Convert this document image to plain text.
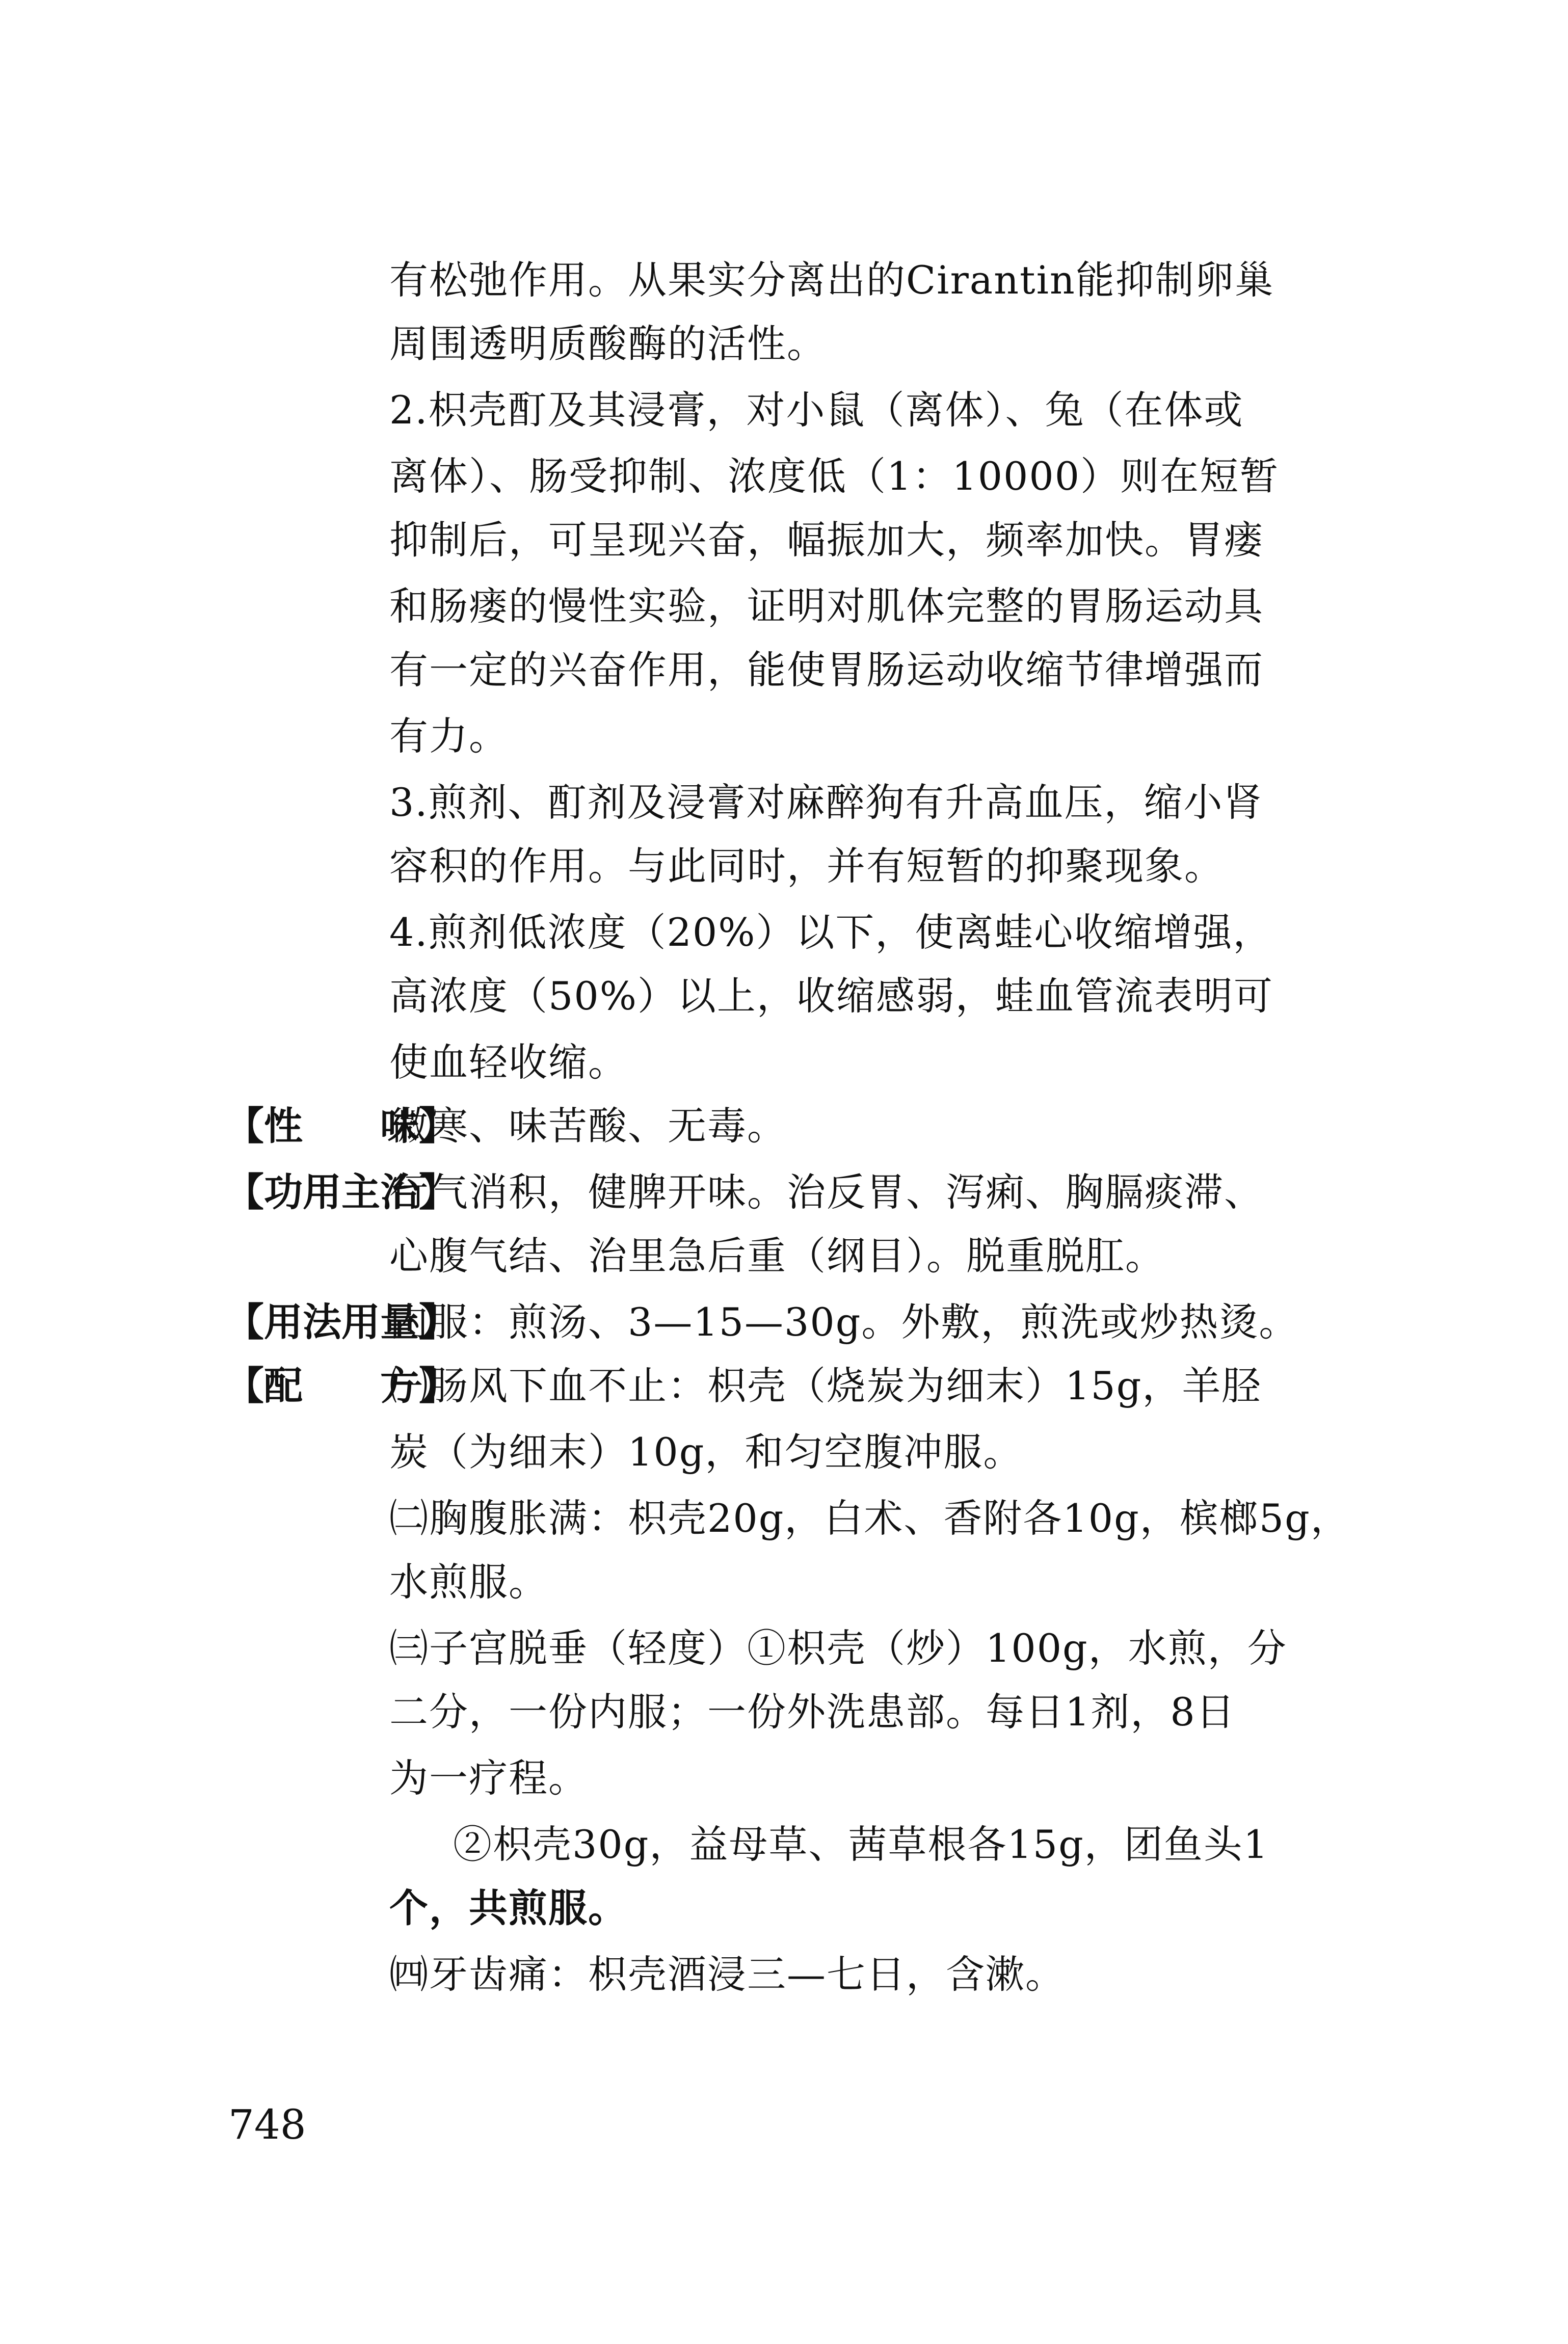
有松弛作用。从果实分离出的Cirantin能抑制卵巢
周围透明质酸酶的活性。
2.枳壳酊及其浸膏，对小鼠（离体）、兔（在体或
离体）、肠受抑制、浓度低（1：10000）则在短暂
抑制后，可呈现兴奋，幅振加大，频率加快。胃瘘
和肠瘘的慢性实验，证明对肌体完整的胃肠运动具
有一定的兴奋作用，能使胃肠运动收缩节律增强而
有力。
3.煎剂、酊剂及浸膏对麻醉狗有升高血压，缩小肾
容积的作用。与此同时，并有短暂的抑聚现象。
4.煎剂低浓度（20%）以下，使离蛙心收缩增强，
高浓度（50%）以上，收缩感弱，蛙血管流表明可
使血轻收缩。
【性　　味】
微寒、味苦酸、无毒。
【功用主治】
行气消积，健脾开味。治反胃、泻痢、胸膈痰滞、
心腹气结、治里急后重（纲目）。脱重脱肛。
【用法用量】
内服：煎汤、3—15—30g。外敷，煎洗或炒热烫。
【配　　方】
㈠肠风下血不止：枳壳（烧炭为细末）15g，羊胫
炭（为细末）10g，和匀空腹冲服。
㈡胸腹胀满：枳壳20g，白术、香附各10g，槟榔5g，
水煎服。
㈢子宫脱垂（轻度）①枳壳（炒）100g，水煎，分
二分，一份内服；一份外洗患部。每日1剂，8日
为一疗程。
②枳壳30g，益母草、茜草根各15g，团鱼头1
个，共煎服。
㈣牙齿痛：枳壳酒浸三—七日，含漱。
748
